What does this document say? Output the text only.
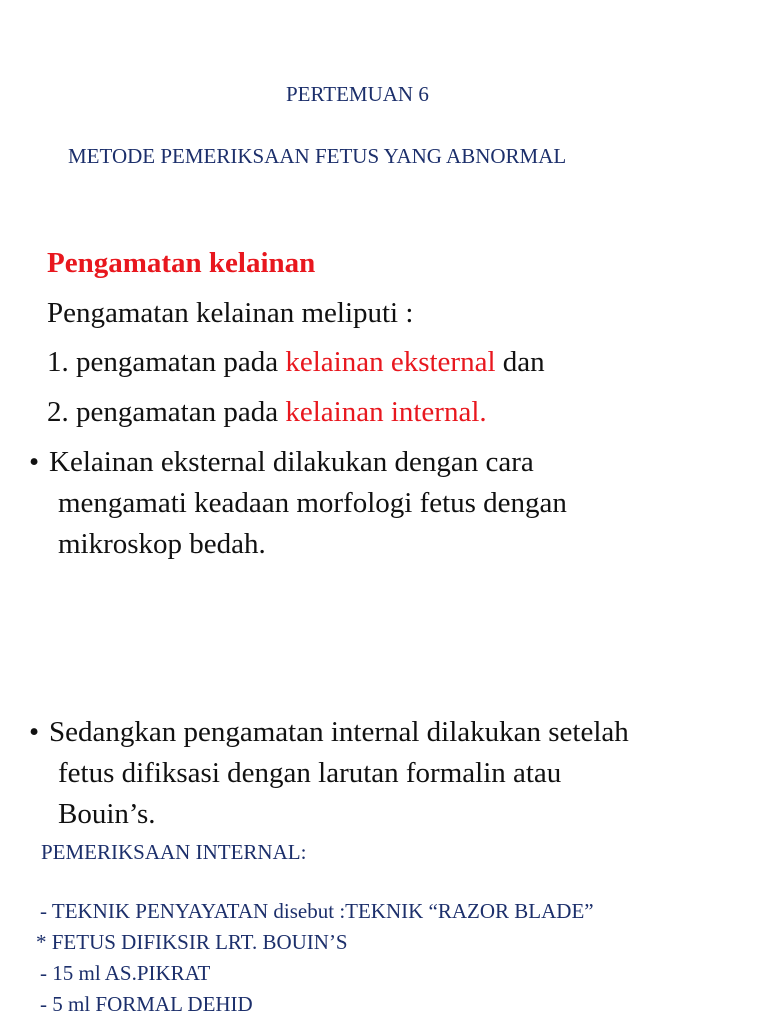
PERTEMUAN 6
METODE PEMERIKSAAN FETUS YANG ABNORMAL
Pengamatan kelainan
Pengamatan kelainan meliputi :
1. pengamatan pada kelainan eksternal dan
2. pengamatan pada kelainan internal.
• Kelainan eksternal dilakukan dengan cara
mengamati keadaan morfologi fetus dengan
mikroskop bedah.
• Sedangkan pengamatan internal dilakukan setelah
fetus difiksasi dengan larutan formalin atau
Bouin’s.
PEMERIKSAAN INTERNAL:
- TEKNIK PENYAYATAN disebut :TEKNIK “RAZOR BLADE”
* FETUS DIFIKSIR LRT. BOUIN’S
- 15 ml AS.PIKRAT
- 5 ml FORMAL DEHID
